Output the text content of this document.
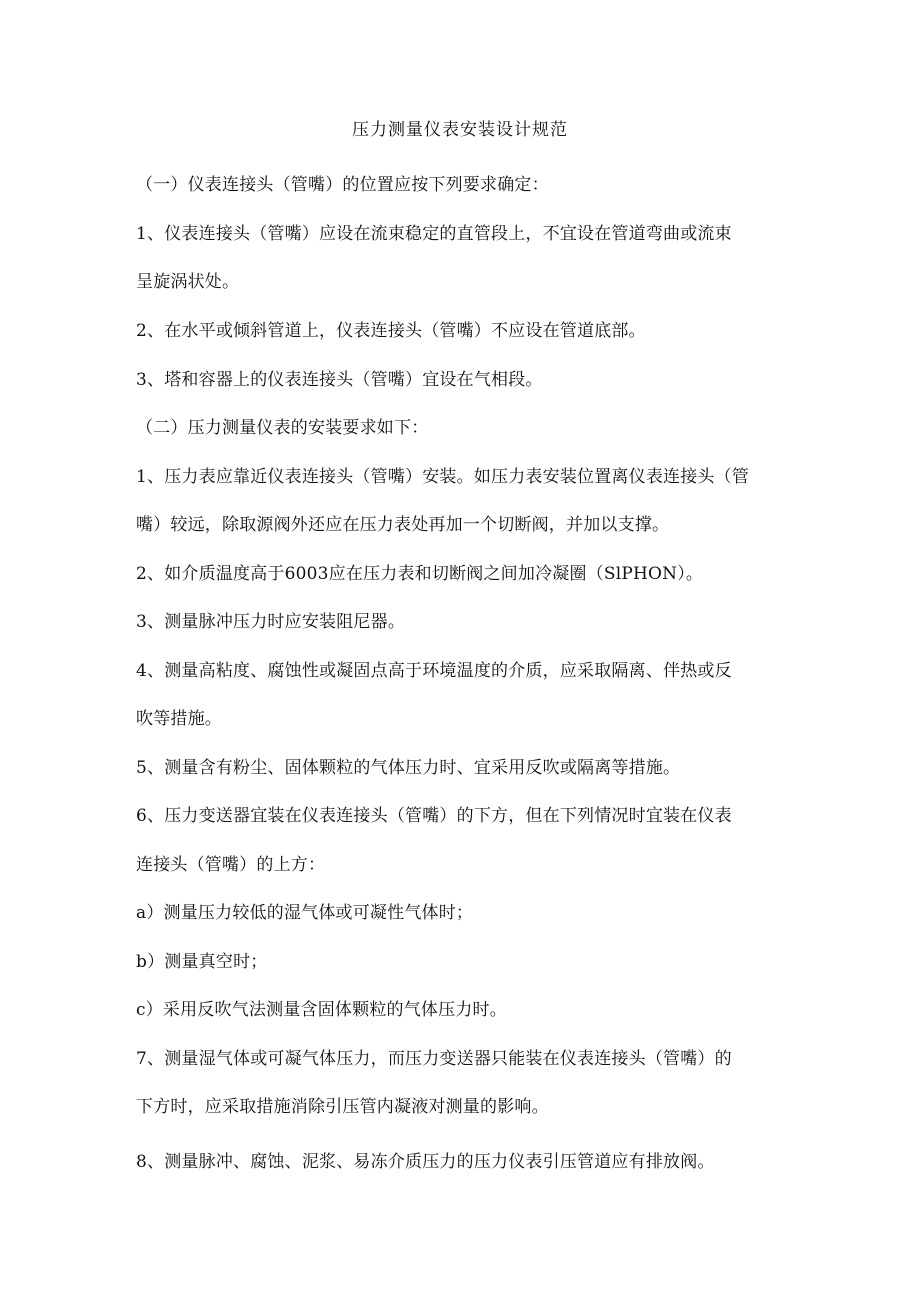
压力测量仪表安装设计规范
（一）仪表连接头（管嘴）的位置应按下列要求确定：
1、仪表连接头（管嘴）应设在流束稳定的直管段上，不宜设在管道弯曲或流束
呈旋涡状处。
2、在水平或倾斜管道上，仪表连接头（管嘴）不应设在管道底部。
3、塔和容器上的仪表连接头（管嘴）宜设在气相段。
（二）压力测量仪表的安装要求如下：
1、压力表应靠近仪表连接头（管嘴）安装。如压力表安装位置离仪表连接头（管
嘴）较远，除取源阀外还应在压力表处再加一个切断阀，并加以支撑。
2、如介质温度高于6003应在压力表和切断阀之间加冷凝圈（SlPHON）。
3、测量脉冲压力时应安装阻尼器。
4、测量高粘度、腐蚀性或凝固点高于环境温度的介质，应采取隔离、伴热或反
吹等措施。
5、测量含有粉尘、固体颗粒的气体压力时、宜采用反吹或隔离等措施。
6、压力变送器宜装在仪表连接头（管嘴）的下方，但在下列情况时宜装在仪表
连接头（管嘴）的上方：
a）测量压力较低的湿气体或可凝性气体时；
b）测量真空时；
c）采用反吹气法测量含固体颗粒的气体压力时。
7、测量湿气体或可凝气体压力，而压力变送器只能装在仪表连接头（管嘴）的
下方时，应采取措施消除引压管内凝液对测量的影响。
8、测量脉冲、腐蚀、泥浆、易冻介质压力的压力仪表引压管道应有排放阀。
